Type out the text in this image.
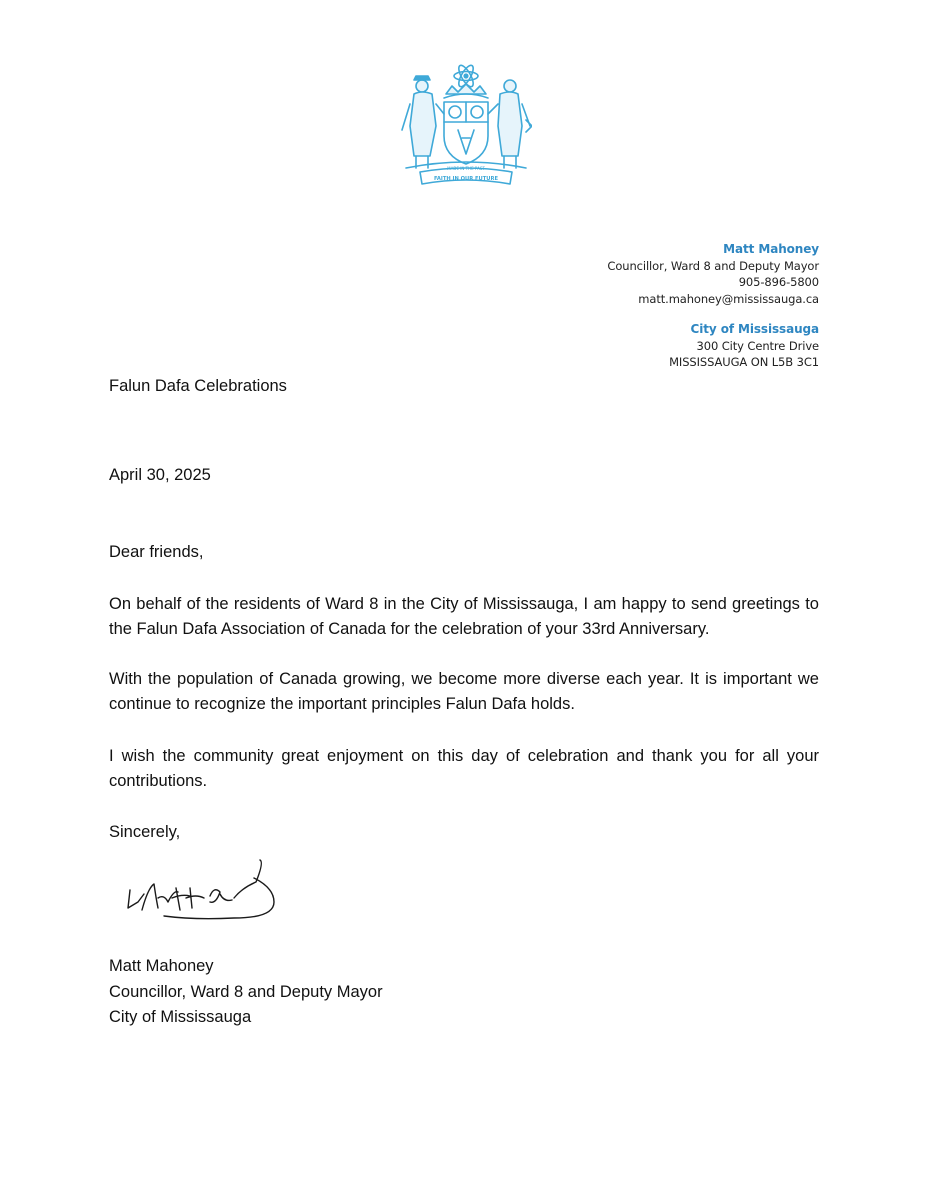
MADE IN THE PAST
FAITH IN OUR FUTURE
Matt Mahoney
Councillor, Ward 8 and Deputy Mayor
905-896-5800
matt.mahoney@mississauga.ca
City of Mississauga
300 City Centre Drive
MISSISSAUGA ON L5B 3C1
Falun Dafa Celebrations
April 30, 2025
Dear friends,
On behalf of the residents of Ward 8 in the City of Mississauga, I am happy to send greetings to the Falun Dafa Association of Canada for the celebration of your 33rd Anniversary.
With the population of Canada growing, we become more diverse each year. It is important we continue to recognize the important principles Falun Dafa holds.
I wish the community great enjoyment on this day of celebration and thank you for all your contributions.
Sincerely,
Matt Mahoney
Councillor, Ward 8 and Deputy Mayor
City of Mississauga
